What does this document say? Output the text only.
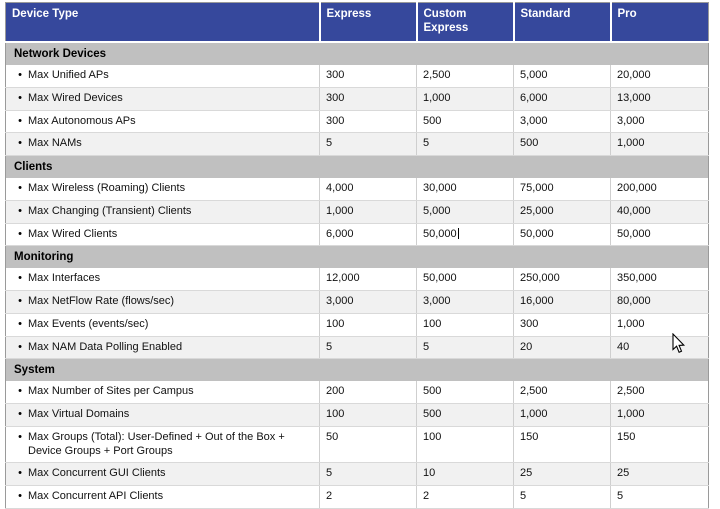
Device Type	Express	Custom Express	Standard	Pro
Network Devices				

• Max Unified APs	300	2,500	5,000	20,000

• Max Wired Devices	300	1,000	6,000	13,000

• Max Autonomous APs	300	500	3,000	3,000

• Max NAMs	5	5	500	1,000
Clients				

• Max Wireless (Roaming) Clients	4,000	30,000	75,000	200,000

• Max Changing (Transient) Clients	1,000	5,000	25,000	40,000

• Max Wired Clients	6,000	50,000	50,000	50,000
Monitoring				

• Max Interfaces	12,000	50,000	250,000	350,000

• Max NetFlow Rate (flows/sec)	3,000	3,000	16,000	80,000

• Max Events (events/sec)	100	100	300	1,000

• Max NAM Data Polling Enabled	5	5	20	40
System				

• Max Number of Sites per Campus	200	500	2,500	2,500

• Max Virtual Domains	100	500	1,000	1,000

• Max Groups (Total): User-Defined + Out of the Box + Device Groups + Port Groups	50	100	150	150

• Max Concurrent GUI Clients	5	10	25	25

• Max Concurrent API Clients	2	2	5	5
